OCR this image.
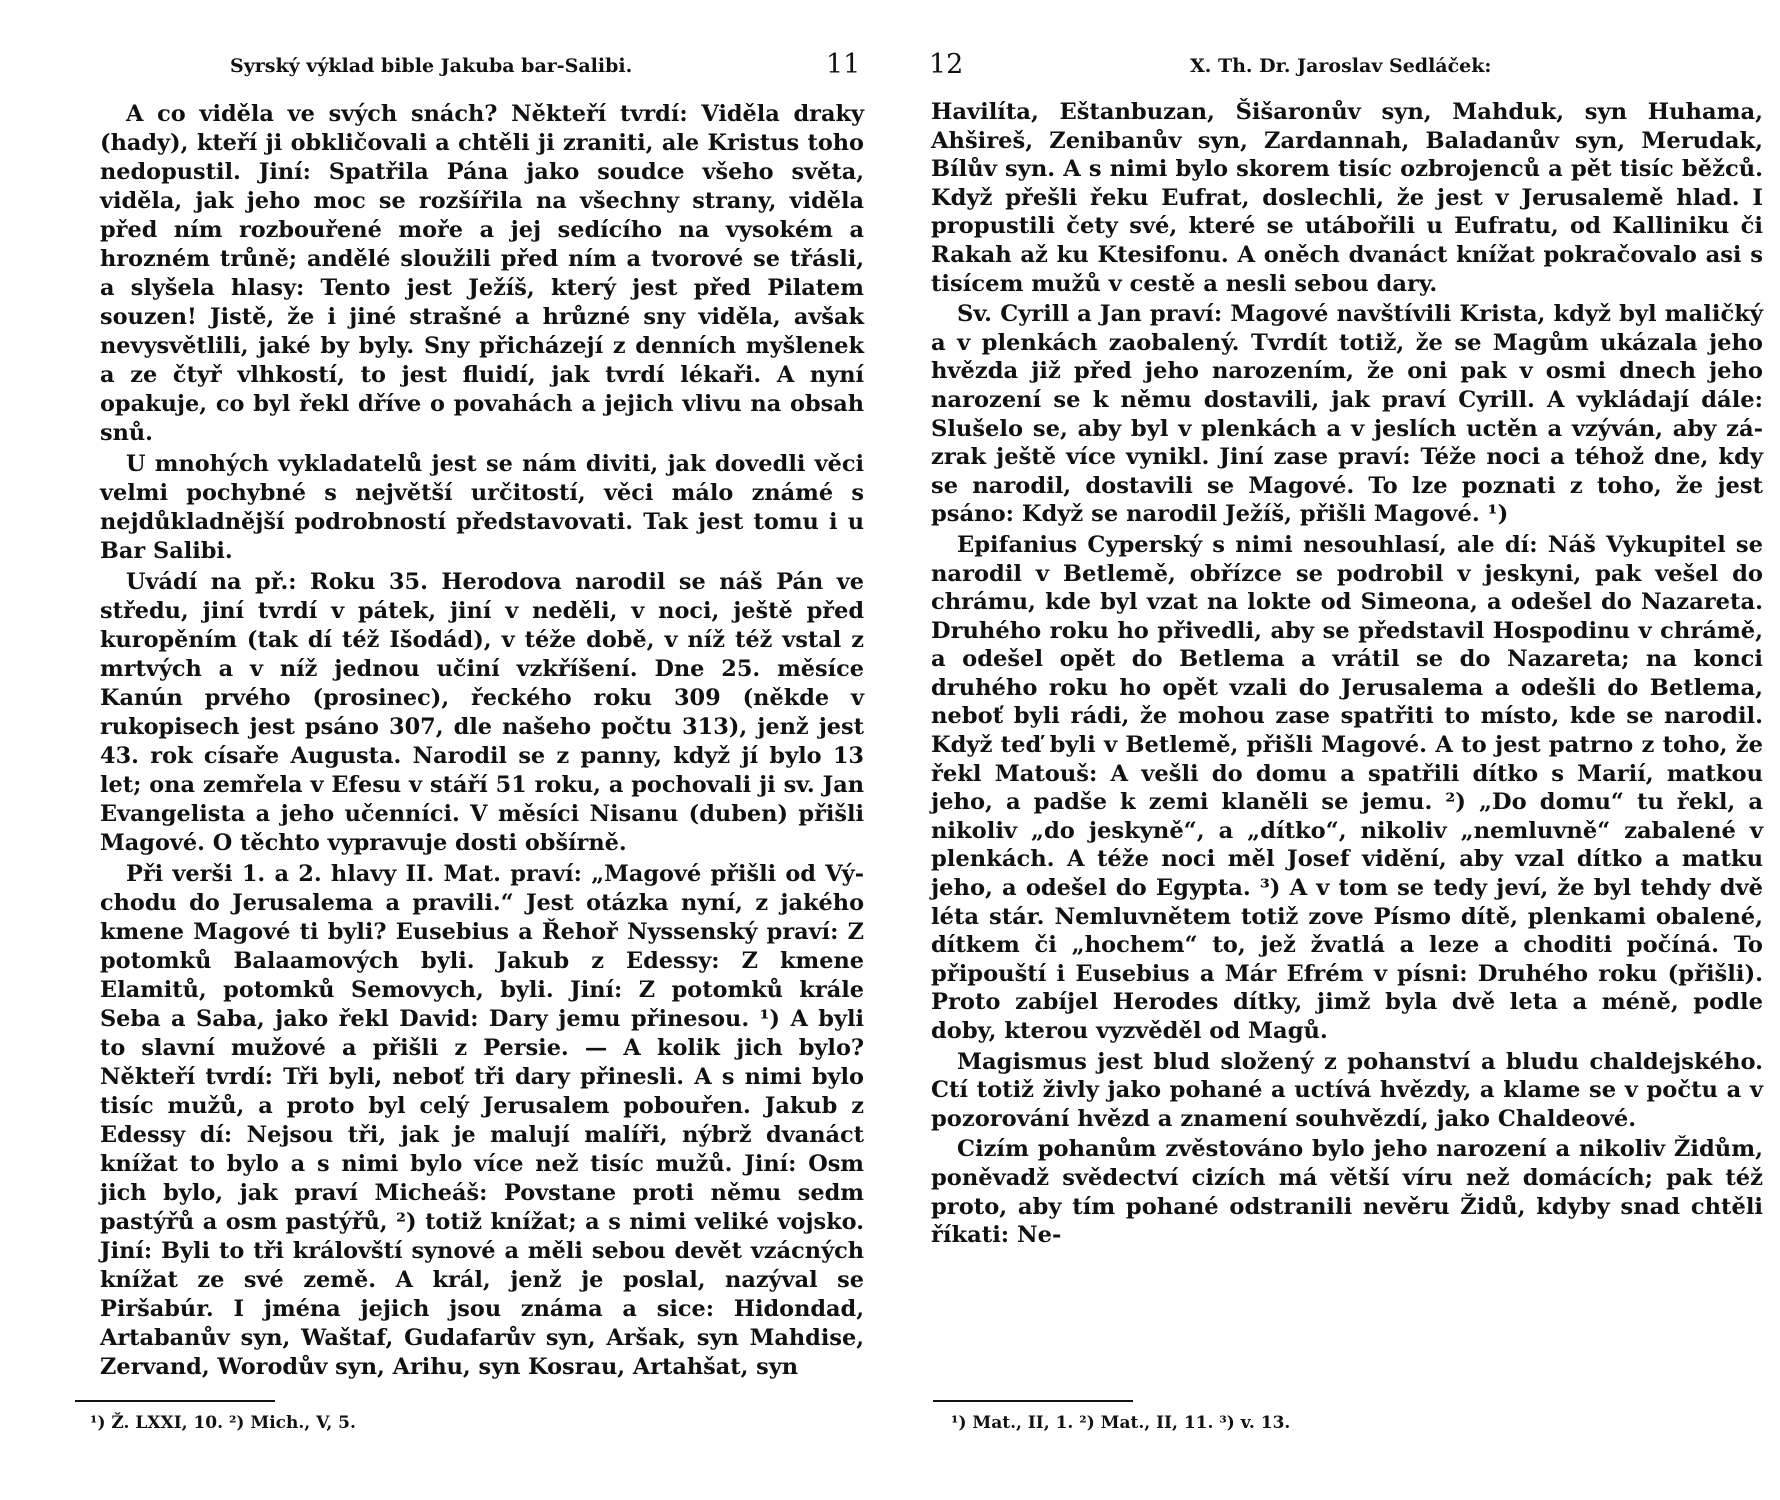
Syrský výklad bible Jakuba bar-Salibi.	11

A co viděla ve svých snách? Někteří tvrdí: Viděla draky (hady), kteří ji obkličovali a chtěli ji zraniti, ale Kristus toho nedopustil. Jiní: Spatřila Pána jako soudce všeho světa, viděla, jak jeho moc se rozšířila na všechny strany, viděla před ním rozbouřené moře a jej sedícího na vysokém a hrozném trůně; andělé sloužili před ním a tvorové se třásli, a slyšela hlasy: Tento jest Ježíš, který jest před Pilatem souzen! Jistě, že i jiné strašné a hrůzné sny viděla, avšak nevysvětlili, jaké by byly. Sny přicházejí z denních myšlenek a ze čtyř vlhkostí, to jest fluidí, jak tvrdí lékaři. A nyní opakuje, co byl řekl dříve o povahách a jejich vlivu na obsah snů.

U mnohých vykladatelů jest se nám diviti, jak dovedli věci velmi pochybné s největší určitostí, věci málo známé s nejdůkladnější podrobností představovati. Tak jest tomu i u Bar Salibi.

Uvádí na př.: Roku 35. Herodova narodil se náš Pán ve středu, jiní tvrdí v pátek, jiní v neděli, v noci, ještě před kuropěním (tak dí též Išodád), v téže době, v níž též vstal z mrtvých a v níž jednou učiní vzkříšení. Dne 25. měsíce Kanún prvého (prosinec), řeckého roku 309 (někde v rukopisech jest psáno 307, dle našeho počtu 313), jenž jest 43. rok císaře Augusta. Narodil se z panny, když jí bylo 13 let; ona zemřela v Efesu v stáří 51 roku, a pochovali ji sv. Jan Evangelista a jeho učenníci. V měsíci Nisanu (duben) přišli Magové. O těchto vypravuje dosti obšírně.

Při verši 1. a 2. hlavy II. Mat. praví: „Magové přišli od Východu do Jerusalema a pravili.“ Jest otázka nyní, z jakého kmene Magové ti byli? Eusebius a Řehoř Nyssenský praví: Z potomků Balaamových byli. Jakub z Edessy: Z kmene Elamitů, potomků Semovych, byli. Jiní: Z potomků krále Seba a Saba, jako řekl David: Dary jemu přinesou. ¹) A byli to slavní mužové a přišli z Persie. — A kolik jich bylo? Někteří tvrdí: Tři byli, neboť tři dary přinesli. A s nimi bylo tisíc mužů, a proto byl celý Jerusalem pobouřen. Jakub z Edessy dí: Nejsou tři, jak je malují malíři, nýbrž dvanáct knížat to bylo a s nimi bylo více než tisíc mužů. Jiní: Osm jich bylo, jak praví Micheáš: Povstane proti němu sedm pastýřů a osm pastýřů, ²) totiž knížat; a s nimi veliké vojsko. Jiní: Byli to tři královští synové a měli sebou devět vzácných knížat ze své země. A král, jenž je poslal, nazýval se Piršabúr. I jména jejich jsou známa a sice: Hidondad, Artabanův syn, Waštaf, Gudafarův syn, Aršak, syn Mahdise, Zervand, Worodův syn, Arihu, syn Kosrau, Artahšat, syn

¹) Ž. LXXI, 10. ²) Mich., V, 5.
12	X. Th. Dr. Jaroslav Sedláček:

Havilíta, Eštanbuzan, Šišaronův syn, Mahduk, syn Huhama, Ahšireš, Zenibanův syn, Zardannah, Baladanův syn, Merudak, Bílův syn. A s nimi bylo skorem tisíc ozbrojenců a pět tisíc běžců. Když přešli řeku Eufrat, doslechli, že jest v Jerusalemě hlad. I propustili čety své, které se utábořili u Eufratu, od Kalliniku či Rakah až ku Ktesifonu. A oněch dvanáct knížat pokračovalo asi s tisícem mužů v cestě a nesli sebou dary.

Sv. Cyrill a Jan praví: Magové navštívili Krista, když byl maličký a v plenkách zaobalený. Tvrdít totiž, že se Magům ukázala jeho hvězda již před jeho narozením, že oni pak v osmi dnech jeho narození se k němu dostavili, jak praví Cyrill. A vykládají dále: Slušelo se, aby byl v plenkách a v jeslích uctěn a vzýván, aby zázrak ještě více vynikl. Jiní zase praví: Téže noci a téhož dne, kdy se narodil, dostavili se Magové. To lze poznati z toho, že jest psáno: Když se narodil Ježíš, přišli Magové. ¹)

Epifanius Cyperský s nimi nesouhlasí, ale dí: Náš Vykupitel se narodil v Betlemě, obřízce se podrobil v jeskyni, pak vešel do chrámu, kde byl vzat na lokte od Simeona, a odešel do Nazareta. Druhého roku ho přivedli, aby se představil Hospodinu v chrámě, a odešel opět do Betlema a vrátil se do Nazareta; na konci druhého roku ho opět vzali do Jerusalema a odešli do Betlema, neboť byli rádi, že mohou zase spatřiti to místo, kde se narodil. Když teď byli v Betlemě, přišli Magové. A to jest patrno z toho, že řekl Matouš: A vešli do domu a spatřili dítko s Marií, matkou jeho, a padše k zemi klaněli se jemu. ²) „Do domu“ tu řekl, a nikoliv „do jeskyně“, a „dítko“, nikoliv „nemluvně“ zabalené v plenkách. A téže noci měl Josef vidění, aby vzal dítko a matku jeho, a odešel do Egypta. ³) A v tom se tedy jeví, že byl tehdy dvě léta stár. Nemluvnětem totiž zove Písmo dítě, plenkami obalené, dítkem či „hochem“ to, jež žvatlá a leze a choditi počíná. To připouští i Eusebius a Már Efrém v písni: Druhého roku (přišli). Proto zabíjel Herodes dítky, jimž byla dvě leta a méně, podle doby, kterou vyzvěděl od Magů.

Magismus jest blud složený z pohanství a bludu chaldejského. Ctí totiž živly jako pohané a uctívá hvězdy, a klame se v počtu a v pozorování hvězd a znamení souhvězdí, jako Chaldeové.

Cizím pohanům zvěstováno bylo jeho narození a nikoliv Židům, poněvadž svědectví cizích má větší víru než domácích; pak též proto, aby tím pohané odstranili nevěru Židů, kdyby snad chtěli říkati: Ne-

¹) Mat., II, 1. ²) Mat., II, 11. ³) v. 13.
